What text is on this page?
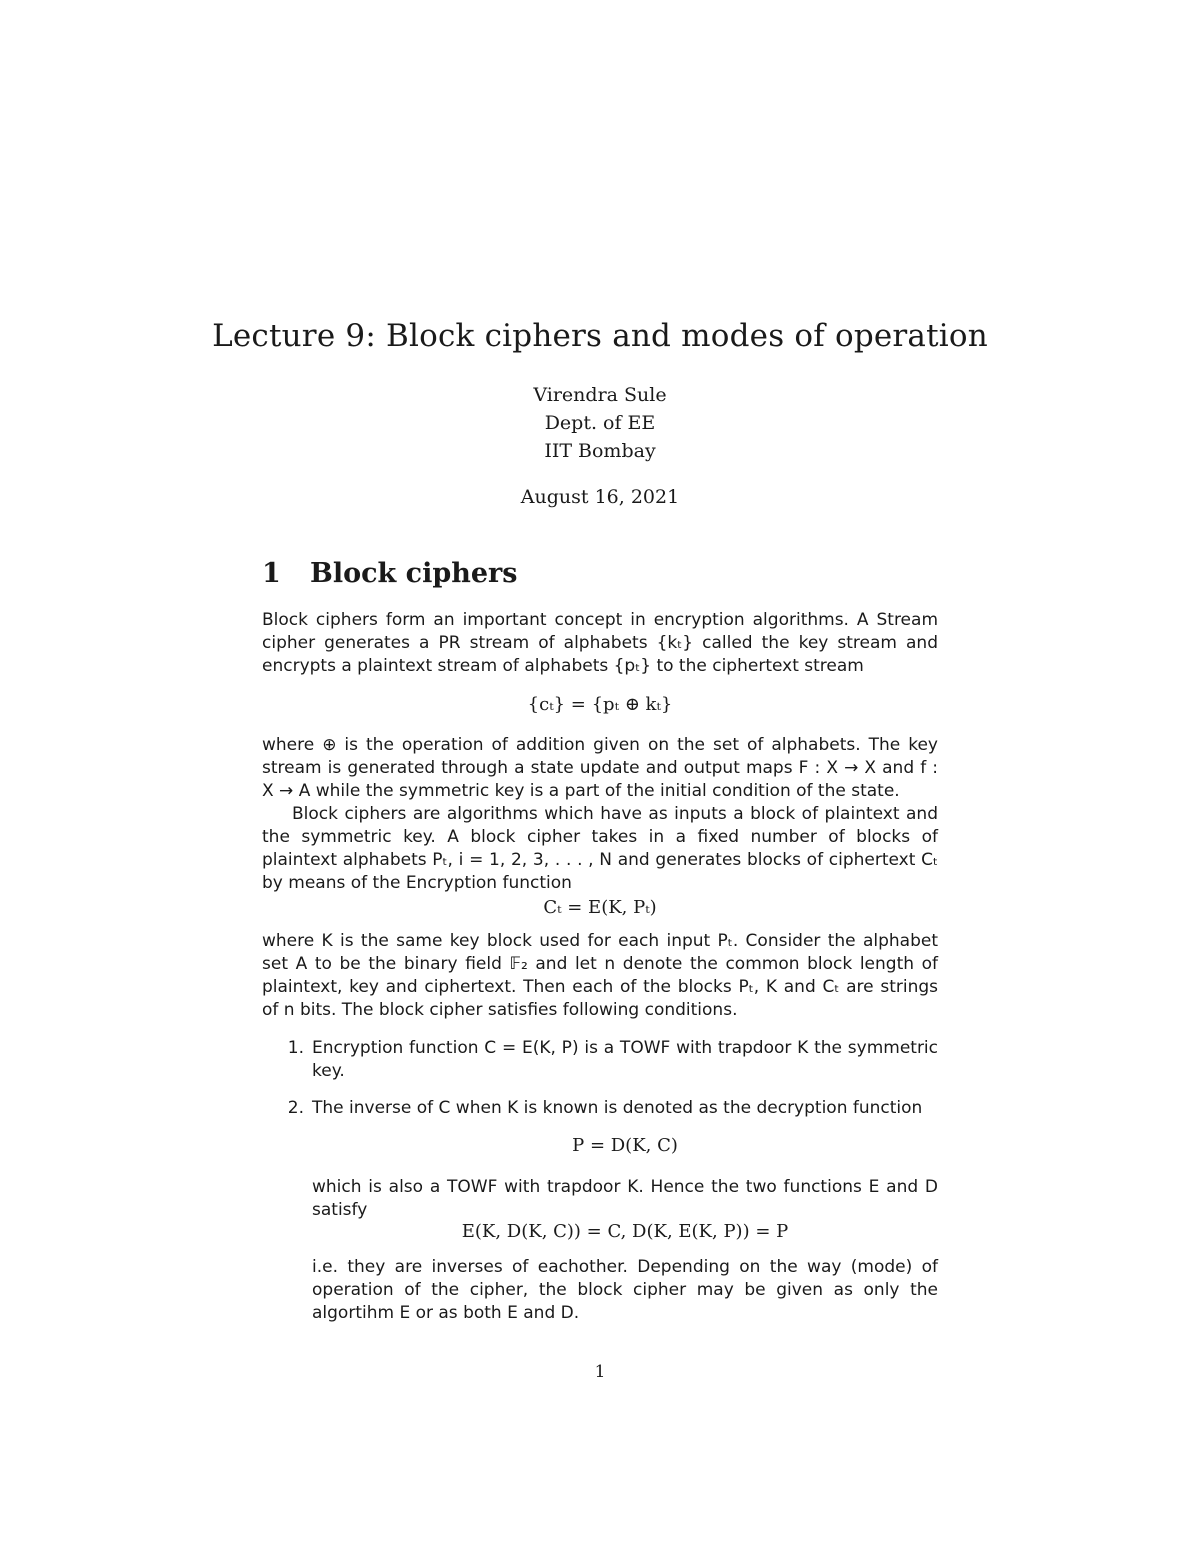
Lecture 9: Block ciphers and modes of operation
Virendra Sule
Dept. of EE
IIT Bombay
August 16, 2021
1 Block ciphers
Block ciphers form an important concept in encryption algorithms. A Stream cipher generates a PR stream of alphabets {kₜ} called the key stream and encrypts a plaintext stream of alphabets {pₜ} to the ciphertext stream
{cₜ} = {pₜ ⊕ kₜ}
where ⊕ is the operation of addition given on the set of alphabets. The key stream is generated through a state update and output maps F : X → X and f : X → A while the symmetric key is a part of the initial condition of the state.
Block ciphers are algorithms which have as inputs a block of plaintext and the symmetric key. A block cipher takes in a fixed number of blocks of plaintext alphabets Pₜ, i = 1, 2, 3, . . . , N and generates blocks of ciphertext Cₜ by means of the Encryption function
Cₜ = E(K, Pₜ)
where K is the same key block used for each input Pₜ. Consider the alphabet set A to be the binary field 𝔽₂ and let n denote the common block length of plaintext, key and ciphertext. Then each of the blocks Pₜ, K and Cₜ are strings of n bits. The block cipher satisfies following conditions.
1. Encryption function C = E(K, P) is a TOWF with trapdoor K the symmetric key.
2. The inverse of C when K is known is denoted as the decryption function
P = D(K, C)
which is also a TOWF with trapdoor K. Hence the two functions E and D satisfy
E(K, D(K, C)) = C, D(K, E(K, P)) = P
i.e. they are inverses of eachother. Depending on the way (mode) of operation of the cipher, the block cipher may be given as only the algortihm E or as both E and D.
1
